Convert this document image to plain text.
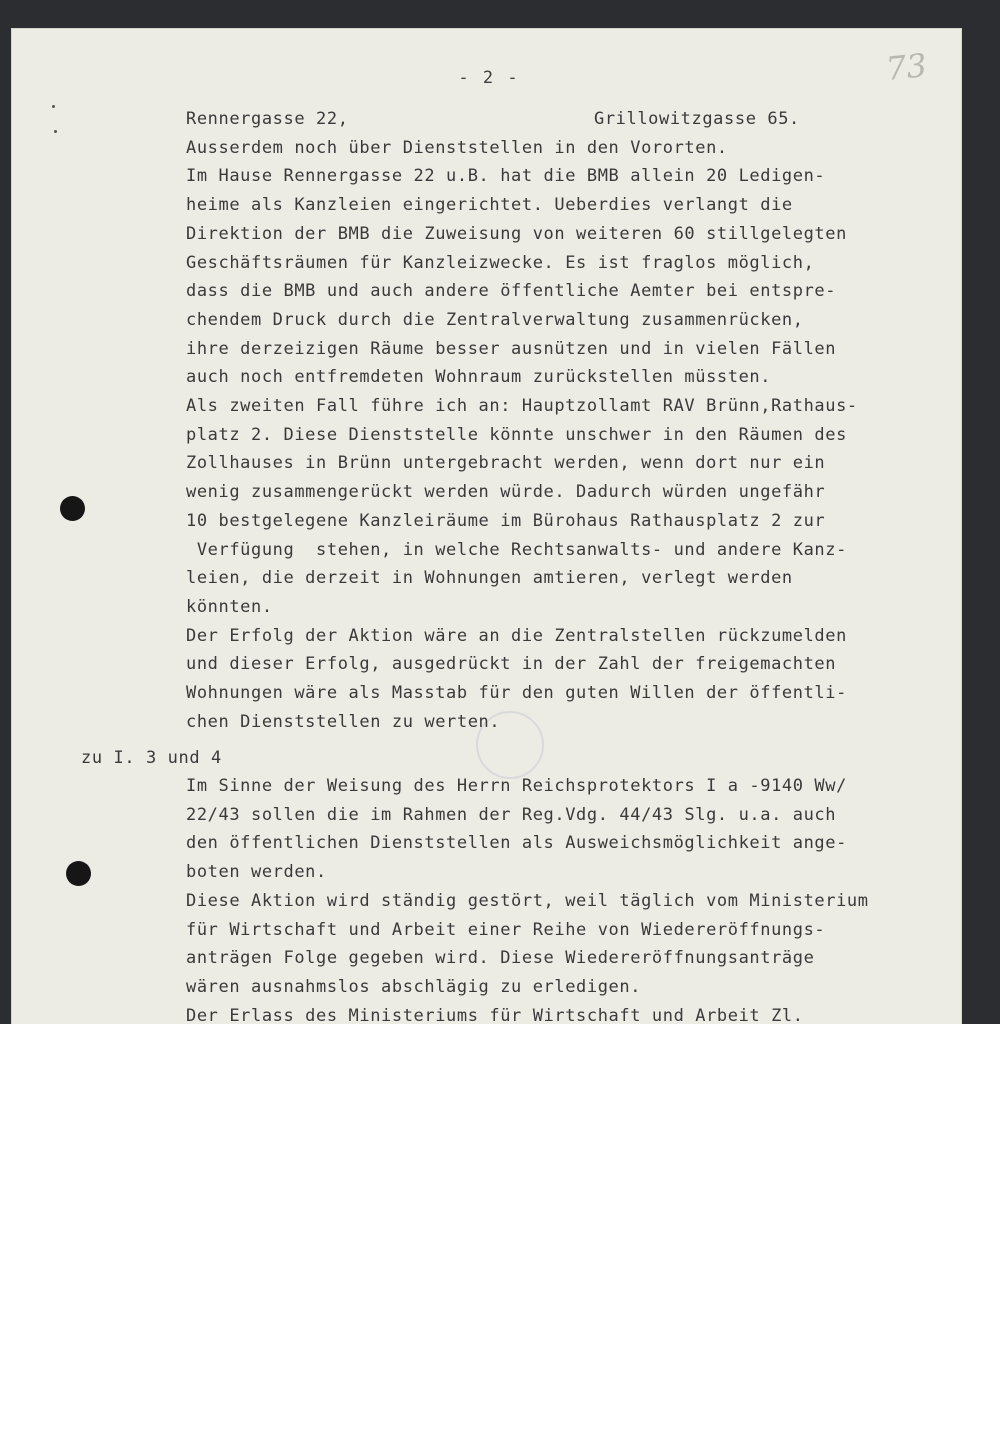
- 2 -	73

Rennergasse 22,	Grillowitzgasse 65.

Ausserdem noch über Dienststellen in den Vororten.
Im Hause Rennergasse 22 u.B. hat die BMB allein 20 Ledigen-
heime als Kanzleien eingerichtet. Ueberdies verlangt die
Direktion der BMB die Zuweisung von weiteren 60 stillgelegten
Geschäftsräumen für Kanzleizwecke. Es ist fraglos möglich,
dass die BMB und auch andere öffentliche Aemter bei entspre-
chendem Druck durch die Zentralverwaltung zusammenrücken,
ihre derzeizigen Räume besser ausnützen und in vielen Fällen
auch noch entfremdeten Wohnraum zurückstellen müssten.
Als zweiten Fall führe ich an: Hauptzollamt RAV Brünn,Rathaus-
platz 2. Diese Dienststelle könnte unschwer in den Räumen des
Zollhauses in Brünn untergebracht werden, wenn dort nur ein
wenig zusammengerückt werden würde. Dadurch würden ungefähr
10 bestgelegene Kanzleiräume im Bürohaus Rathausplatz 2 zur
Verfügung  stehen, in welche Rechtsanwalts- und andere Kanz-
leien, die derzeit in Wohnungen amtieren, verlegt werden
könnten.
Der Erfolg der Aktion wäre an die Zentralstellen rückzumelden
und dieser Erfolg, ausgedrückt in der Zahl der freigemachten
Wohnungen wäre als Masstab für den guten Willen der öffentli-
chen Dienststellen zu werten.

zu I. 3 und 4

Im Sinne der Weisung des Herrn Reichsprotektors I a -9140 Ww/
22/43 sollen die im Rahmen der Reg.Vdg. 44/43 Slg. u.a. auch
den öffentlichen Dienststellen als Ausweichsmöglichkeit ange-
boten werden.
Diese Aktion wird ständig gestört, weil täglich vom Ministerium
für Wirtschaft und Arbeit einer Reihe von Wiedereröffnungs-
anträgen Folge gegeben wird. Diese Wiedereröffnungsanträge
wären ausnahmslos abschlägig zu erledigen.
Der Erlass des Ministeriums für Wirtschaft und Arbeit Zl.
